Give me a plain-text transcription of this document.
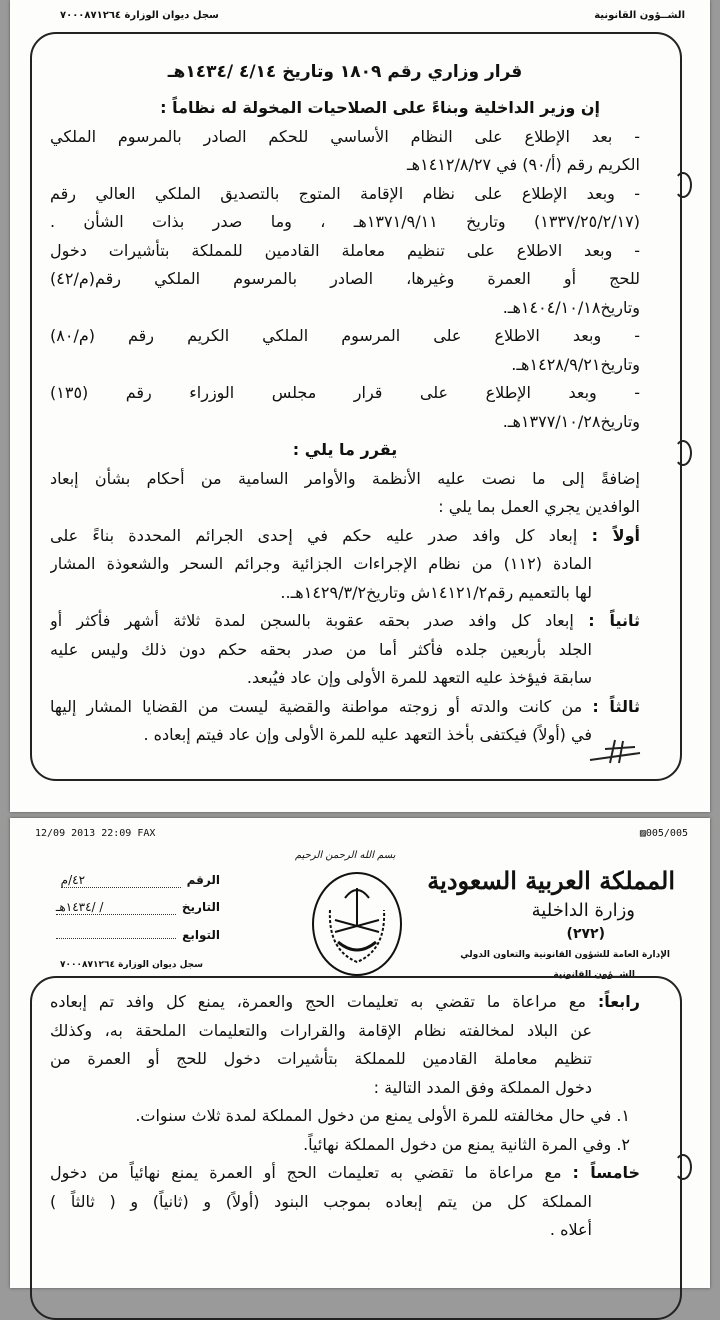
الشــؤون القانونية
سجل ديوان الوزارة ٧٠٠٠٨٧١٢٦٤
قرار وزاري رقم ١٨٠٩ وتاريخ ٤/١٤ /١٤٣٤هـ
إن وزير الداخلية وبناءً على الصلاحيات المخولة له نظاماً :
- بعد الإطلاع على النظام الأساسي للحكم الصادر بالمرسوم الملكي
الكريم رقم (أ/٩٠) في ١٤١٢/٨/٢٧هـ
- وبعد الإطلاع على نظام الإقامة المتوج بالتصديق الملكي العالي رقم
(١٣٣٧/٢٥/٢/١٧) وتاريخ ١٣٧١/٩/١١هـ ، وما صدر بذات الشأن .
- وبعد الاطلاع على تنظيم معاملة القادمين للمملكة بتأشيرات دخول
للحج أو العمرة وغيرها، الصادر بالمرسوم الملكي رقم(م/٤٢)
وتاريخ١٤٠٤/١٠/١٨هـ.
- وبعد الاطلاع على المرسوم الملكي الكريم رقم (م/٨٠)
وتاريخ١٤٢٨/٩/٢١هـ.
- وبعد الإطلاع على قرار مجلس الوزراء رقم (١٣٥)
وتاريخ١٣٧٧/١٠/٢٨هـ.
يقرر ما يلي :
إضافةً إلى ما نصت عليه الأنظمة والأوامر السامية من أحكام بشأن إبعاد
الوافدين يجري العمل بما يلي :
أولاً : إبعاد كل وافد صدر عليه حكم في إحدى الجرائم المحددة بناءً على
المادة (١١٢) من نظام الإجراءات الجزائية وجرائم السحر والشعوذة المشار
لها بالتعميم رقم١٤١٢١/٢ش وتاريخ١٤٢٩/٣/٢هـ..
ثانياً : إبعاد كل وافد صدر بحقه عقوبة بالسجن لمدة ثلاثة أشهر فأكثر أو
الجلد بأربعين جلده فأكثر أما من صدر بحقه حكم دون ذلك وليس عليه
سابقة فيؤخذ عليه التعهد للمرة الأولى وإن عاد فيُبعد.
ثالثاً : من كانت والدته أو زوجته مواطنة والقضية ليست من القضايا المشار إليها
في (أولاً) فيكتفى بأخذ التعهد عليه للمرة الأولى وإن عاد فيتم إبعاده .
12/09 2013 22:09 FAX	▨005/005
بسم الله الرحمن الرحيم
المملكة العربية السعودية
وزارة الداخلية
(٢٧٢)
الإدارة العامة للشؤون القانونية والتعاون الدولي
الشــؤون القانونية
الرقم٤٢/م
التاريخ/ /١٤٣٤هـ
التوابع
سجل ديوان الوزارة ٧٠٠٠٨٧١٢٦٤
رابعاً: مع مراعاة ما تقضي به تعليمات الحج والعمرة، يمنع كل وافد تم إبعاده
عن البلاد لمخالفته نظام الإقامة والقرارات والتعليمات الملحقة به، وكذلك
تنظيم معاملة القادمين للمملكة بتأشيرات دخول للحج أو العمرة من
دخول المملكة وفق المدد التالية :
١. في حال مخالفته للمرة الأولى يمنع من دخول المملكة لمدة ثلاث سنوات.
٢. وفي المرة الثانية يمنع من دخول المملكة نهائياً.
خامساً : مع مراعاة ما تقضي به تعليمات الحج أو العمرة يمنع نهائياً من دخول
المملكة كل من يتم إبعاده بموجب البنود (أولاً) و (ثانياً) و ( ثالثاً )
أعلاه .
